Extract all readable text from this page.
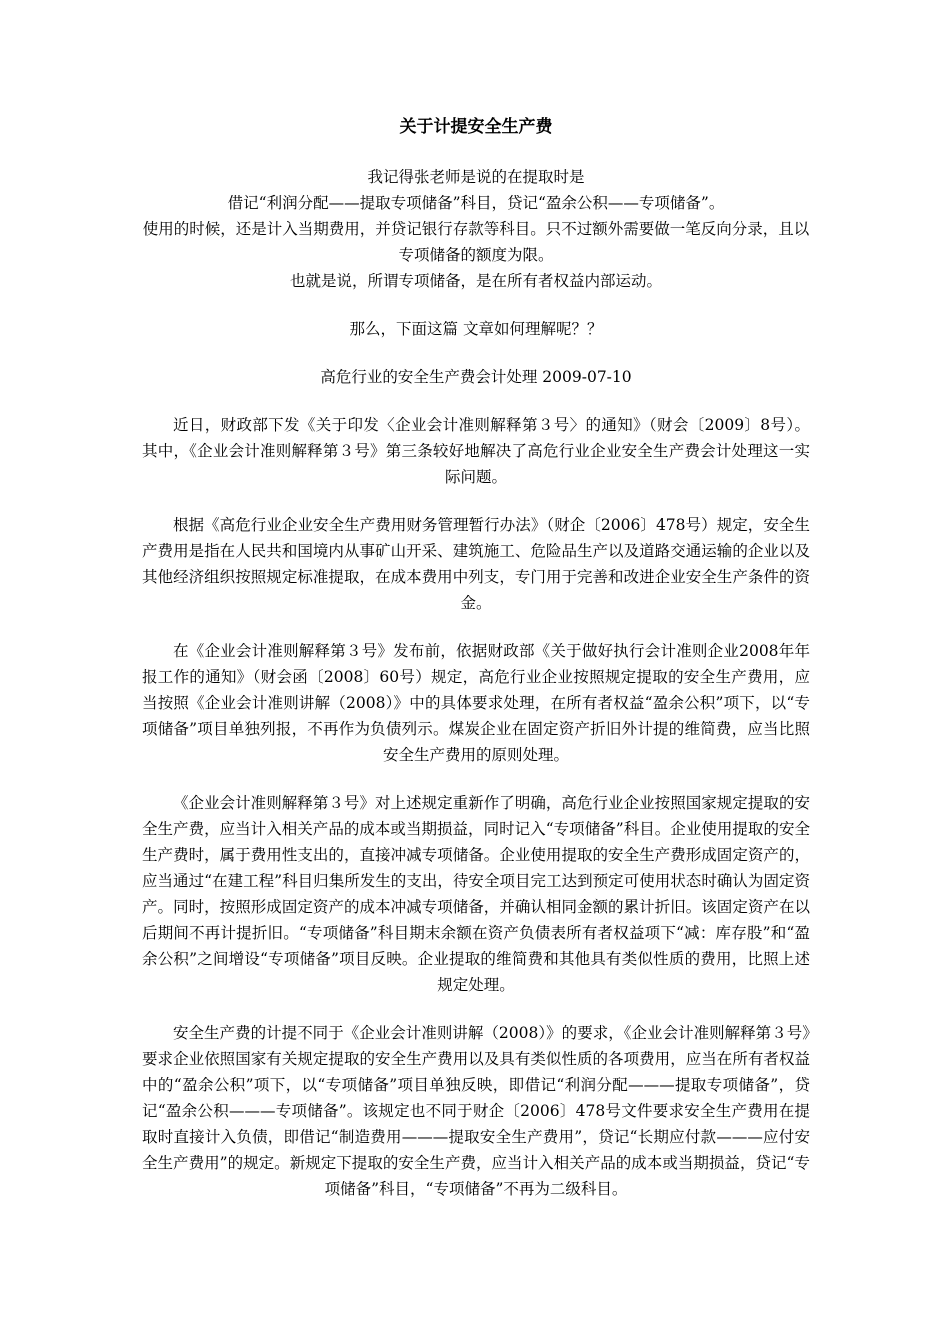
关于计提安全生产费

我记得张老师是说的在提取时是

借记“利润分配——提取专项储备”科目，贷记“盈余公积——专项储备”。

使用的时候，还是计入当期费用，并贷记银行存款等科目。只不过额外需要做一笔反向分录，且以专项储备的额度为限。

也就是说，所谓专项储备，是在所有者权益内部运动。

那么，下面这篇 文章如何理解呢？？

高危行业的安全生产费会计处理 2009-07-10

近日，财政部下发《关于印发〈企业会计准则解释第３号〉的通知》（财会〔2009〕8号）。其中，《企业会计准则解释第３号》第三条较好地解决了高危行业企业安全生产费会计处理这一实际问题。

根据《高危行业企业安全生产费用财务管理暂行办法》（财企〔2006〕478号）规定，安全生产费用是指在人民共和国境内从事矿山开采、建筑施工、危险品生产以及道路交通运输的企业以及其他经济组织按照规定标准提取，在成本费用中列支，专门用于完善和改进企业安全生产条件的资金。

在《企业会计准则解释第３号》发布前，依据财政部《关于做好执行会计准则企业2008年年报工作的通知》（财会函〔2008〕60号）规定，高危行业企业按照规定提取的安全生产费用，应当按照《企业会计准则讲解（2008）》中的具体要求处理，在所有者权益“盈余公积”项下，以“专项储备”项目单独列报，不再作为负债列示。煤炭企业在固定资产折旧外计提的维简费，应当比照安全生产费用的原则处理。

《企业会计准则解释第３号》对上述规定重新作了明确，高危行业企业按照国家规定提取的安全生产费，应当计入相关产品的成本或当期损益，同时记入“专项储备”科目。企业使用提取的安全生产费时，属于费用性支出的，直接冲减专项储备。企业使用提取的安全生产费形成固定资产的，应当通过“在建工程”科目归集所发生的支出，待安全项目完工达到预定可使用状态时确认为固定资产。同时，按照形成固定资产的成本冲减专项储备，并确认相同金额的累计折旧。该固定资产在以后期间不再计提折旧。“专项储备”科目期末余额在资产负债表所有者权益项下“减：库存股”和“盈余公积”之间增设“专项储备”项目反映。企业提取的维简费和其他具有类似性质的费用，比照上述规定处理。

安全生产费的计提不同于《企业会计准则讲解（2008）》的要求，《企业会计准则解释第３号》要求企业依照国家有关规定提取的安全生产费用以及具有类似性质的各项费用，应当在所有者权益中的“盈余公积”项下，以“专项储备”项目单独反映，即借记“利润分配———提取专项储备”，贷记“盈余公积———专项储备”。该规定也不同于财企〔2006〕478号文件要求安全生产费用在提取时直接计入负债，即借记“制造费用———提取安全生产费用”，贷记“长期应付款———应付安全生产费用”的规定。新规定下提取的安全生产费，应当计入相关产品的成本或当期损益，贷记“专项储备”科目，“专项储备”不再为二级科目。
